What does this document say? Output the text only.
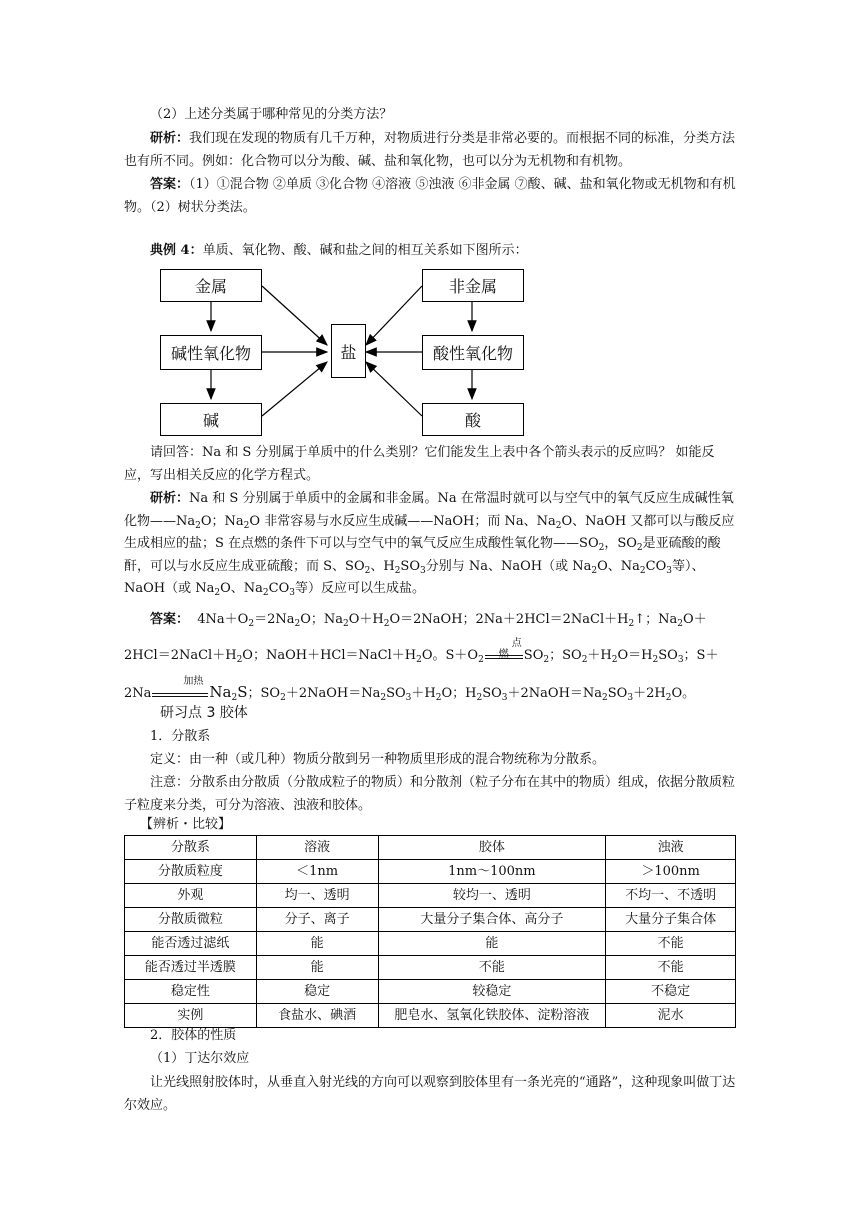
（2）上述分类属于哪种常见的分类方法？

研析：我们现在发现的物质有几千万种，对物质进行分类是非常必要的。而根据不同的标准，分类方法也有所不同。例如：化合物可以分为酸、碱、盐和氧化物，也可以分为无机物和有机物。

答案：（1）①混合物 ②单质 ③化合物 ④溶液 ⑤浊液 ⑥非金属 ⑦酸、碱、盐和氧化物或无机物和有机物。（2）树状分类法。

典例 4：单质、氧化物、酸、碱和盐之间的相互关系如下图所示：

金属
碱性氧化物
碱
盐
非金属
酸性氧化物
酸

请回答：Na 和 S 分别属于单质中的什么类别？它们能发生上表中各个箭头表示的反应吗？ 如能反应，写出相关反应的化学方程式。

研析：Na 和 S 分别属于单质中的金属和非金属。Na 在常温时就可以与空气中的氧气反应生成碱性氧化物$——Na_2O$；$Na_2O$ 非常容易与水反应生成碱——NaOH；而 Na、$Na_2O$、NaOH 又都可以与酸反应生成相应的盐；S 在点燃的条件下可以与空气中的氧气反应生成酸性氧化物$——SO_2$，$SO_2$是亚硫酸的酸酐，可以与水反应生成亚硫酸；而 S、$SO_2$、$H_2SO_3$分别与 Na、NaOH（或 $Na_2O$、$Na_2CO_3$等）、NaOH（或 $Na_2O$、$Na_2CO_3$等）反应可以生成盐。

答案：  $4Na+O_2=2Na_2O$；$Na_2O+H_2O=2NaOH$；$2Na+2HCl=2NaCl+H_2↑$；$Na_2O+2HCl=2NaCl+H_2O$；$NaOH+HCl=NaCl+H_2O$。$S+O_2$
点燃	$SO_2$；$SO_2+H_2O=H_2SO_3$；S＋2Na
加热
$Na_2S$；$SO_2+2NaOH=Na_2SO_3+H_2O$；$H_2SO_3+2NaOH=Na_2SO_3+2H_2O$。

研习点 3 胶体

1．分散系

定义：由一种（或几种）物质分散到另一种物质里形成的混合物统称为分散系。

注意：分散系由分散质（分散成粒子的物质）和分散剂（粒子分布在其中的物质）组成，依据分散质粒子粒度来分类，可分为溶液、浊液和胶体。

【辨析・比较】

分散系	溶液	胶体	浊液
分散质粒度	＜1nm	1nm～100nm	＞100nm
外观	均一、透明	较均一、透明	不均一、不透明
分散质微粒	分子、离子	大量分子集合体、高分子	大量分子集合体
能否透过滤纸	能	能	不能
能否透过半透膜	能	不能	不能
稳定性	稳定	较稳定	不稳定
实例	食盐水、碘酒	肥皂水、氢氧化铁胶体、淀粉溶液	泥水

2．胶体的性质

（1）丁达尔效应

让光线照射胶体时，从垂直入射光线的方向可以观察到胶体里有一条光亮的“通路”，这种现象叫做丁达尔效应。
